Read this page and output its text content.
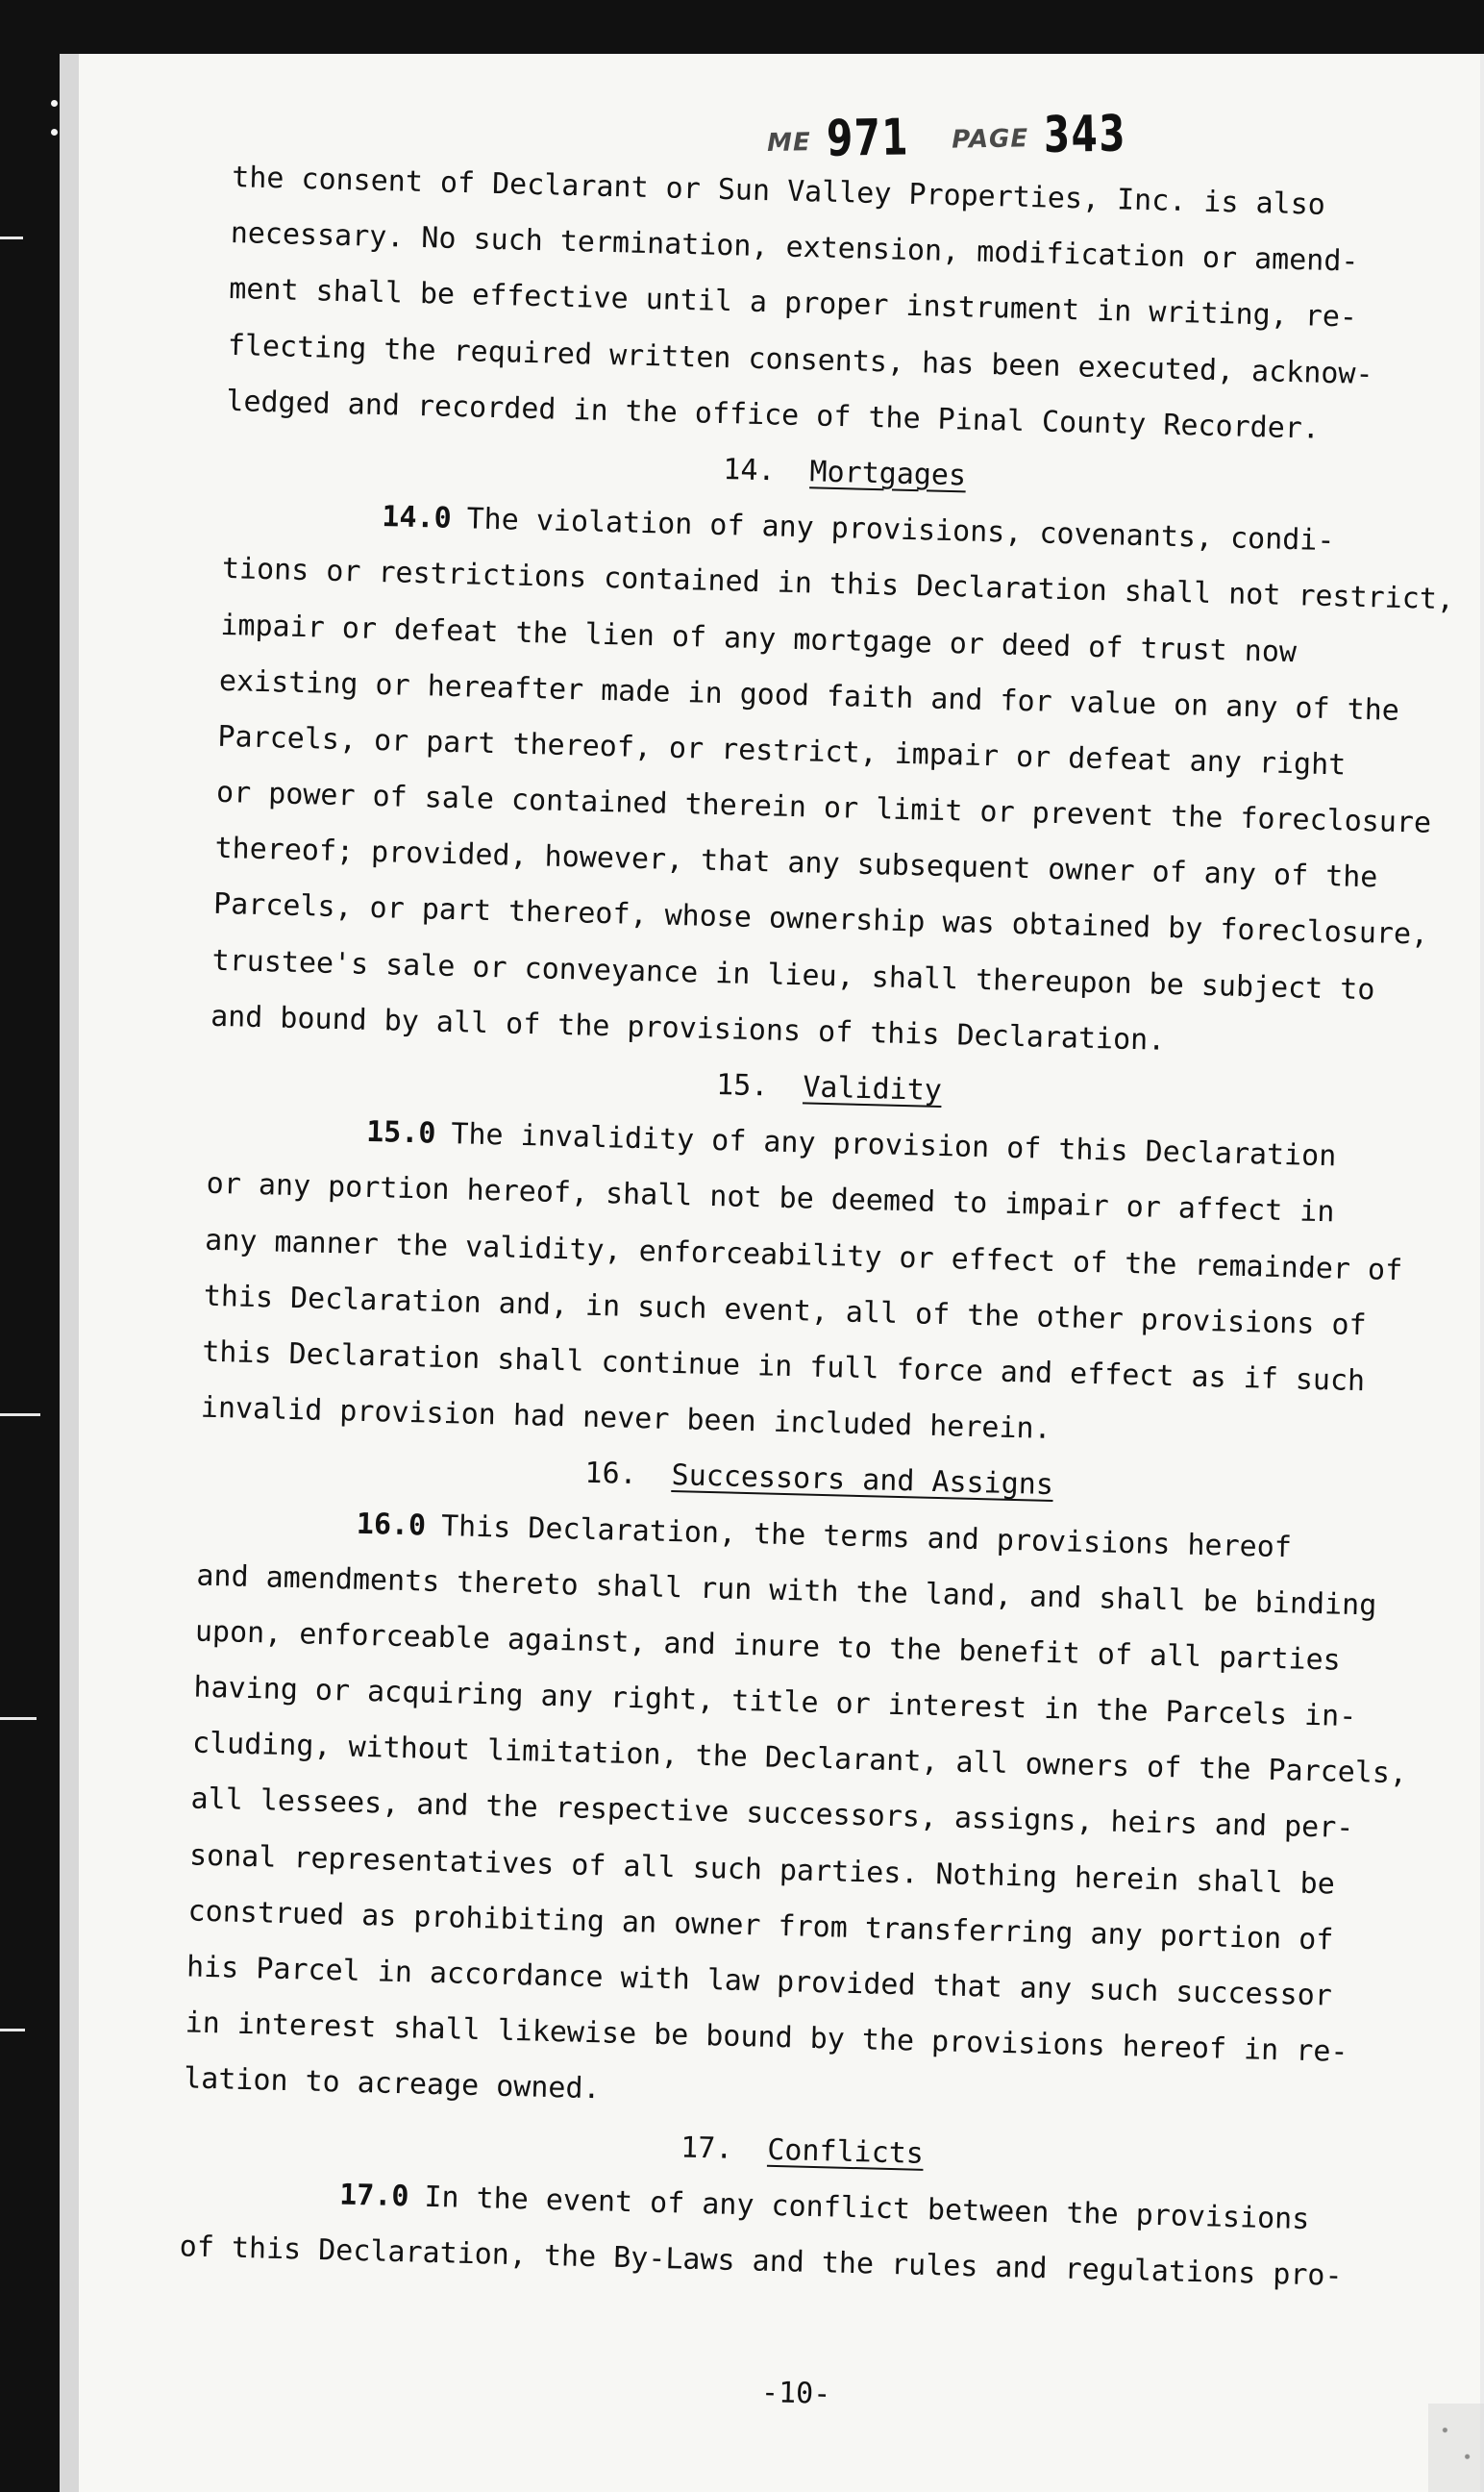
ME 971 PAGE 343
the consent of Declarant or Sun Valley Properties, Inc. is also
necessary. No such termination, extension, modification or amend-
ment shall be effective until a proper instrument in writing, re-
flecting the required written consents, has been executed, acknow-
ledged and recorded in the office of the Pinal County Recorder.
14. Mortgages
14.0 The violation of any provisions, covenants, condi-
tions or restrictions contained in this Declaration shall not restrict,
impair or defeat the lien of any mortgage or deed of trust now
existing or hereafter made in good faith and for value on any of the
Parcels, or part thereof, or restrict, impair or defeat any right
or power of sale contained therein or limit or prevent the foreclosure
thereof; provided, however, that any subsequent owner of any of the
Parcels, or part thereof, whose ownership was obtained by foreclosure,
trustee's sale or conveyance in lieu, shall thereupon be subject to
and bound by all of the provisions of this Declaration.
15. Validity
15.0 The invalidity of any provision of this Declaration
or any portion hereof, shall not be deemed to impair or affect in
any manner the validity, enforceability or effect of the remainder of
this Declaration and, in such event, all of the other provisions of
this Declaration shall continue in full force and effect as if such
invalid provision had never been included herein.
16. Successors and Assigns
16.0 This Declaration, the terms and provisions hereof
and amendments thereto shall run with the land, and shall be binding
upon, enforceable against, and inure to the benefit of all parties
having or acquiring any right, title or interest in the Parcels in-
cluding, without limitation, the Declarant, all owners of the Parcels,
all lessees, and the respective successors, assigns, heirs and per-
sonal representatives of all such parties. Nothing herein shall be
construed as prohibiting an owner from transferring any portion of
his Parcel in accordance with law provided that any such successor
in interest shall likewise be bound by the provisions hereof in re-
lation to acreage owned.
17. Conflicts
17.0 In the event of any conflict between the provisions
of this Declaration, the By-Laws and the rules and regulations pro-
-10-
